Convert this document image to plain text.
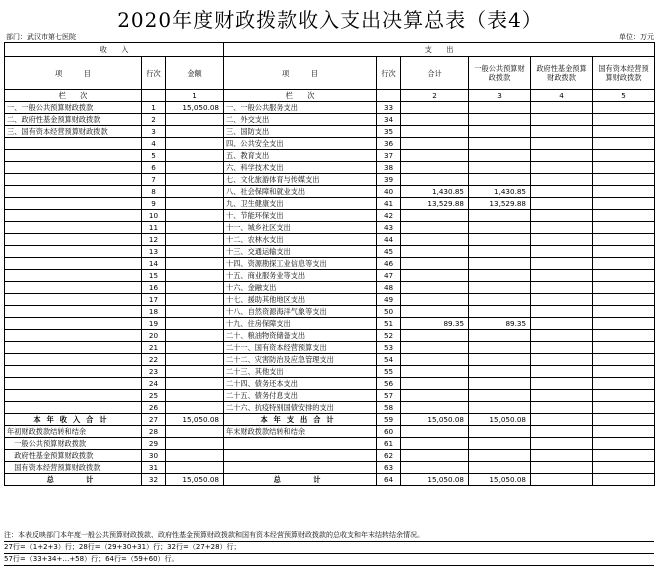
2020年度财政拨款收入支出决算总表（表4）
部门：武汉市第七医院	单位：万元
收　　入			支　　出					
项　　　目	行次	金额	项　　　目	行次	合计	一般公共预算财政拨款	政府性基金预算财政拨款	国有资本经营预算财政拨款
栏　　次		1	栏　　次		2	3	4	5
一、一般公共预算财政拨款	1	15,050.08	一、一般公共服务支出	33				
二、政府性基金预算财政拨款	2		二、外交支出	34				
三、国有资本经营预算财政拨款	3		三、国防支出	35				
	4		四、公共安全支出	36				
	5		五、教育支出	37				
	6		六、科学技术支出	38				
	7		七、文化旅游体育与传媒支出	39				
	8		八、社会保障和就业支出	40	1,430.85	1,430.85		
	9		九、卫生健康支出	41	13,529.88	13,529.88		
	10		十、节能环保支出	42				
	11		十一、城乡社区支出	43				
	12		十二、农林水支出	44				
	13		十三、交通运输支出	45				
	14		十四、资源勘探工业信息等支出	46				
	15		十五、商业服务业等支出	47				
	16		十六、金融支出	48				
	17		十七、援助其他地区支出	49				
	18		十八、自然资源海洋气象等支出	50				
	19		十九、住房保障支出	51	89.35	89.35		
	20		二十、粮油物资储备支出	52				
	21		二十一、国有资本经营预算支出	53				
	22		二十二、灾害防治及应急管理支出	54				
	23		二十三、其他支出	55				
	24		二十四、债务还本支出	56				
	25		二十五、债务付息支出	57				
	26		二十六、抗疫特别国债安排的支出	58				
本年收入合计	27	15,050.08	本年支出合计	59	15,050.08	15,050.08		
年初财政拨款结转和结余	28		年末财政拨款结转和结余	60				
　一般公共预算财政拨款	29			61				
　政府性基金预算财政拨款	30			62				
　国有资本经营预算财政拨款	31			63				
总　　计	32	15,050.08	总　　计	64	15,050.08	15,050.08		
注：本表反映部门本年度一般公共预算财政拨款、政府性基金预算财政拨款和国有资本经营预算财政拨款的总收支和年末结转结余情况。
27行=（1+2+3）行；28行=（29+30+31）行；32行=（27+28）行；
57行=（33+34+…+58）行；64行=（59+60）行。
